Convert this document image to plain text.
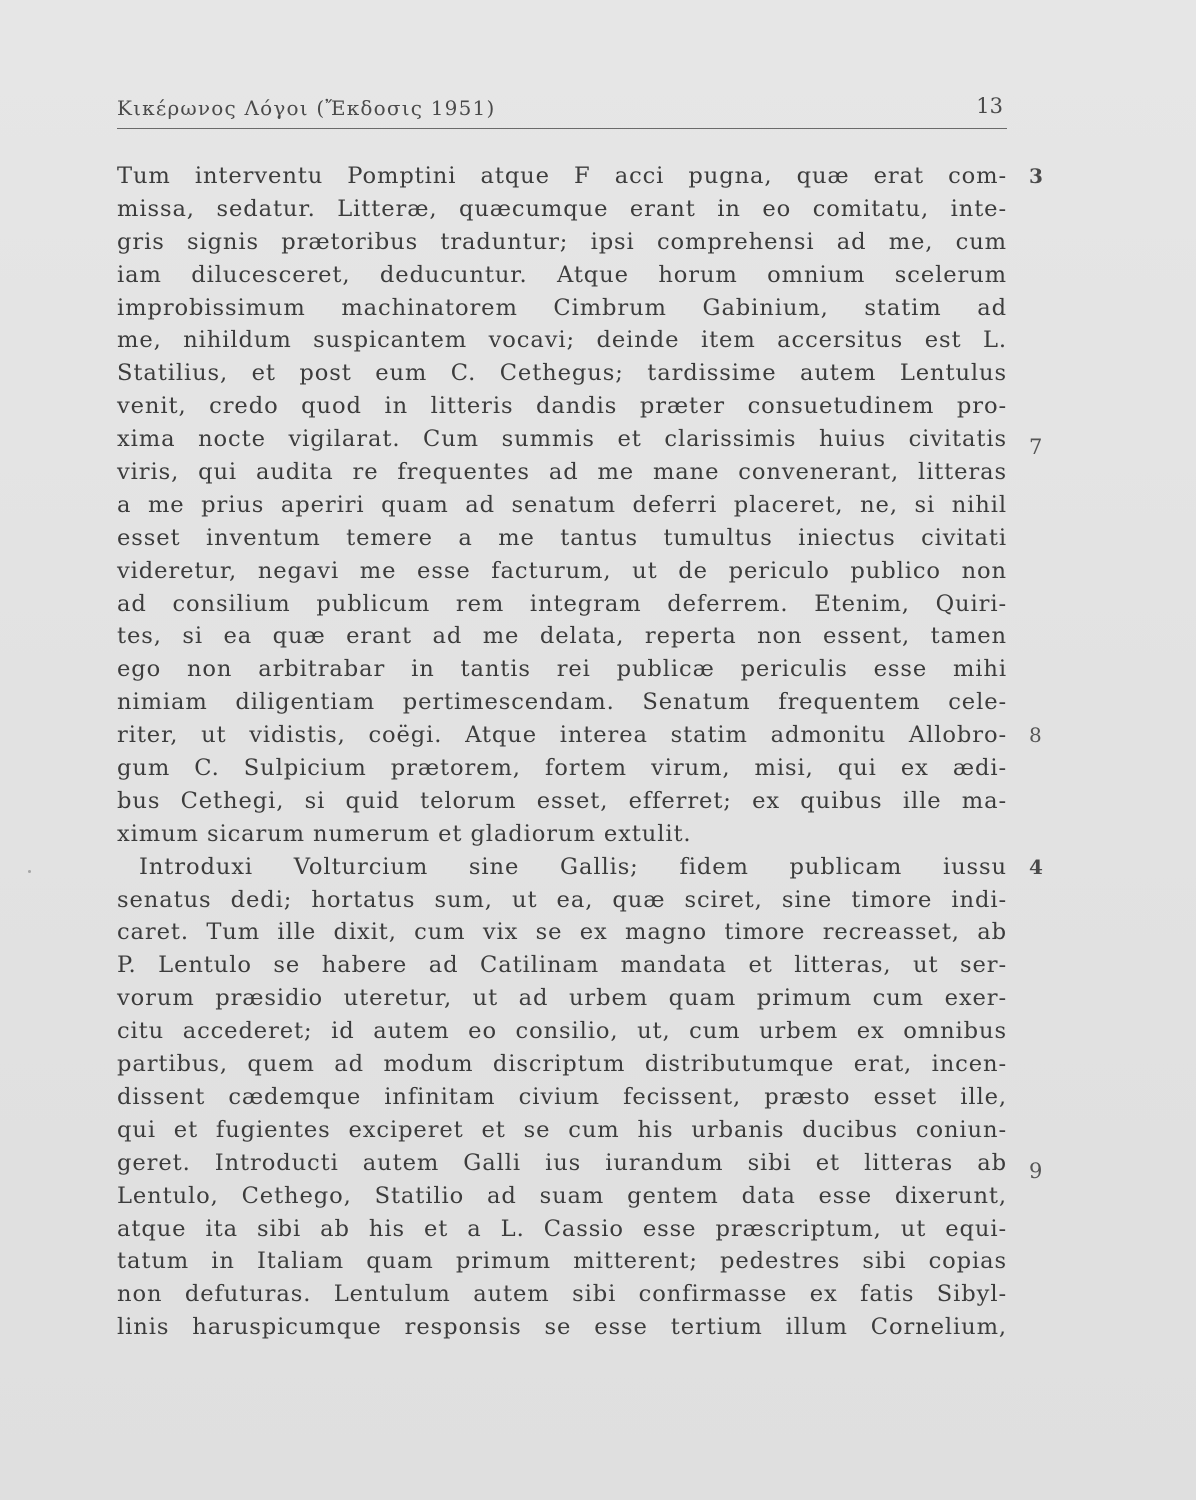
Κικέρωνος Λόγοι (Ἔκδοσις 1951)	13
Tum interventu Pomptini atque F acci pugna, quæ erat com- 3
missa, sedatur. Litteræ, quæcumque erant in eo comitatu, inte-
gris signis prætoribus traduntur; ipsi comprehensi ad me, cum
iam dilucesceret, deducuntur. Atque horum omnium scelerum
improbissimum machinatorem Cimbrum Gabinium, statim ad
me, nihildum suspicantem vocavi; deinde item accersitus est L.
Statilius, et post eum C. Cethegus; tardissime autem Lentulus
venit, credo quod in litteris dandis præter consuetudinem pro-
xima nocte vigilarat. Cum summis et clarissimis huius civitatis 7
viris, qui audita re frequentes ad me mane convenerant, litteras
a me prius aperiri quam ad senatum deferri placeret, ne, si nihil
esset inventum temere a me tantus tumultus iniectus civitati
videretur, negavi me esse facturum, ut de periculo publico non
ad consilium publicum rem integram deferrem. Etenim, Quiri-
tes, si ea quæ erant ad me delata, reperta non essent, tamen
ego non arbitrabar in tantis rei publicæ periculis esse mihi
nimiam diligentiam pertimescendam. Senatum frequentem cele-
riter, ut vidistis, coëgi. Atque interea statim admonitu Allobro- 8
gum C. Sulpicium prætorem, fortem virum, misi, qui ex ædi-
bus Cethegi, si quid telorum esset, efferret; ex quibus ille ma-
ximum sicarum numerum et gladiorum extulit.
Introduxi Volturcium sine Gallis; fidem publicam iussu 4
senatus dedi; hortatus sum, ut ea, quæ sciret, sine timore indi-
caret. Tum ille dixit, cum vix se ex magno timore recreasset, ab
P. Lentulo se habere ad Catilinam mandata et litteras, ut ser-
vorum præsidio uteretur, ut ad urbem quam primum cum exer-
citu accederet; id autem eo consilio, ut, cum urbem ex omnibus
partibus, quem ad modum discriptum distributumque erat, incen-
dissent cædemque infinitam civium fecissent, præsto esset ille,
qui et fugientes exciperet et se cum his urbanis ducibus coniun-
geret. Introducti autem Galli ius iurandum sibi et litteras ab 9
Lentulo, Cethego, Statilio ad suam gentem data esse dixerunt,
atque ita sibi ab his et a L. Cassio esse præscriptum, ut equi-
tatum in Italiam quam primum mitterent; pedestres sibi copias
non defuturas. Lentulum autem sibi confirmasse ex fatis Sibyl-
linis haruspicumque responsis se esse tertium illum Cornelium,
